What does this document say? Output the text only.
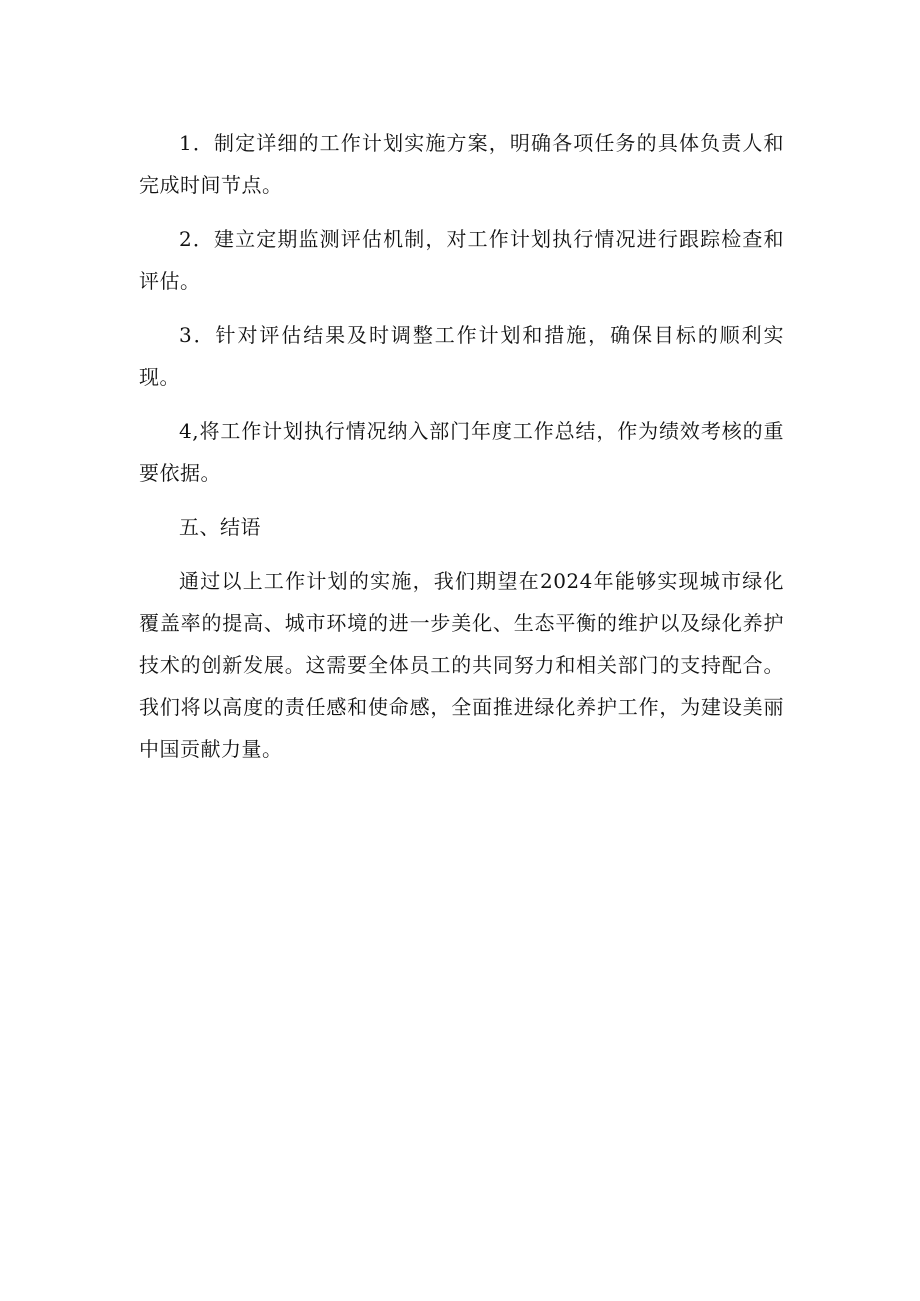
1．制定详细的工作计划实施方案，明确各项任务的具体负责人和完成时间节点。

2．建立定期监测评估机制，对工作计划执行情况进行跟踪检查和评估。

3．针对评估结果及时调整工作计划和措施，确保目标的顺利实现。

4,将工作计划执行情况纳入部门年度工作总结，作为绩效考核的重要依据。

五、结语

通过以上工作计划的实施，我们期望在2024年能够实现城市绿化覆盖率的提高、城市环境的进一步美化、生态平衡的维护以及绿化养护技术的创新发展。这需要全体员工的共同努力和相关部门的支持配合。我们将以高度的责任感和使命感，全面推进绿化养护工作，为建设美丽中国贡献力量。
